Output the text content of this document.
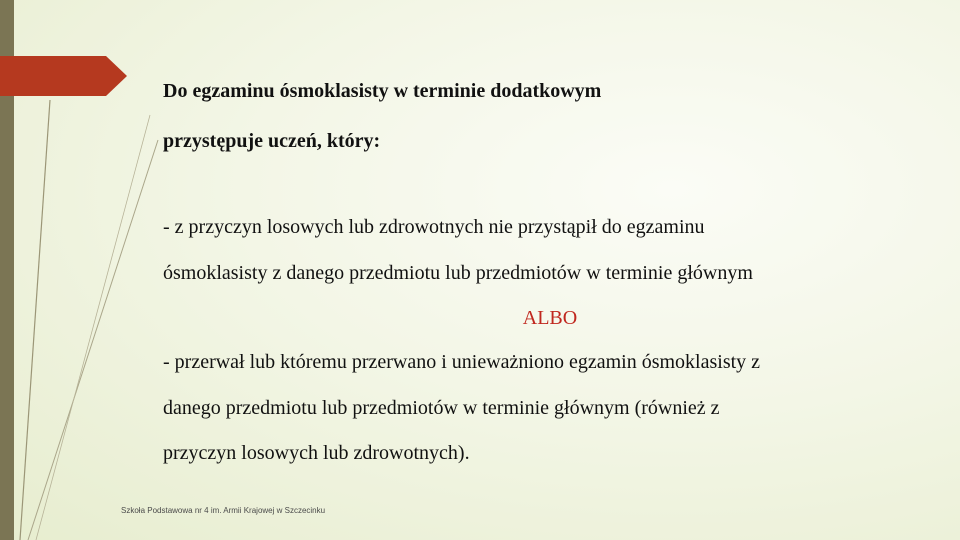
Do egzaminu ósmoklasisty w terminie dodatkowym

przystępuje uczeń, który:

- z przyczyn losowych lub zdrowotnych nie przystąpił do egzaminu

ósmoklasisty z danego przedmiotu lub przedmiotów w terminie głównym

ALBO

- przerwał lub któremu przerwano i unieważniono egzamin ósmoklasisty z

danego przedmiotu lub przedmiotów w terminie głównym (również z

przyczyn losowych lub zdrowotnych).

Szkoła Podstawowa nr 4 im. Armii Krajowej w Szczecinku
